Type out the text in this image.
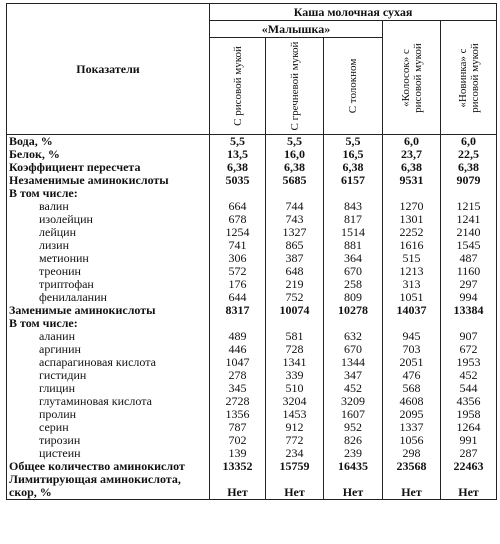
Показатели	Каша молочная сухая				
	«Малышка»			«Колосок» с рисовой мукой	«Новинка» с рисовой мукой

	С рисовой мукой	С гречневой мукой	С толокном		

Вода, %	5,5	5,5	5,5	6,0	6,0
Белок, %	13,5	16,0	16,5	23,7	22,5
Коэффициент пересчета	6,38	6,38	6,38	6,38	6,38
Незаменимые аминокислоты	5035	5685	6157	9531	9079
В том числе:					
валин	664	744	843	1270	1215
изолейцин	678	743	817	1301	1241
лейцин	1254	1327	1514	2252	2140
лизин	741	865	881	1616	1545
метионин	306	387	364	515	487
треонин	572	648	670	1213	1160
триптофан	176	219	258	313	297
фенилаланин	644	752	809	1051	994
Заменимые аминокислоты	8317	10074	10278	14037	13384
В том числе:					
аланин	489	581	632	945	907
аргинин	446	728	670	703	672
аспарагиновая кислота	1047	1341	1344	2051	1953
гистидин	278	339	347	476	452
глицин	345	510	452	568	544
глутаминовая кислота	2728	3204	3209	4608	4356
пролин	1356	1453	1607	2095	1958
серин	787	912	952	1337	1264
тирозин	702	772	826	1056	991
цистеин	139	234	239	298	287
Общее количество аминокислот	13352	15759	16435	23568	22463
Лимитирующая аминокислота, скор, %	Нет	Нет	Нет	Нет	Нет
